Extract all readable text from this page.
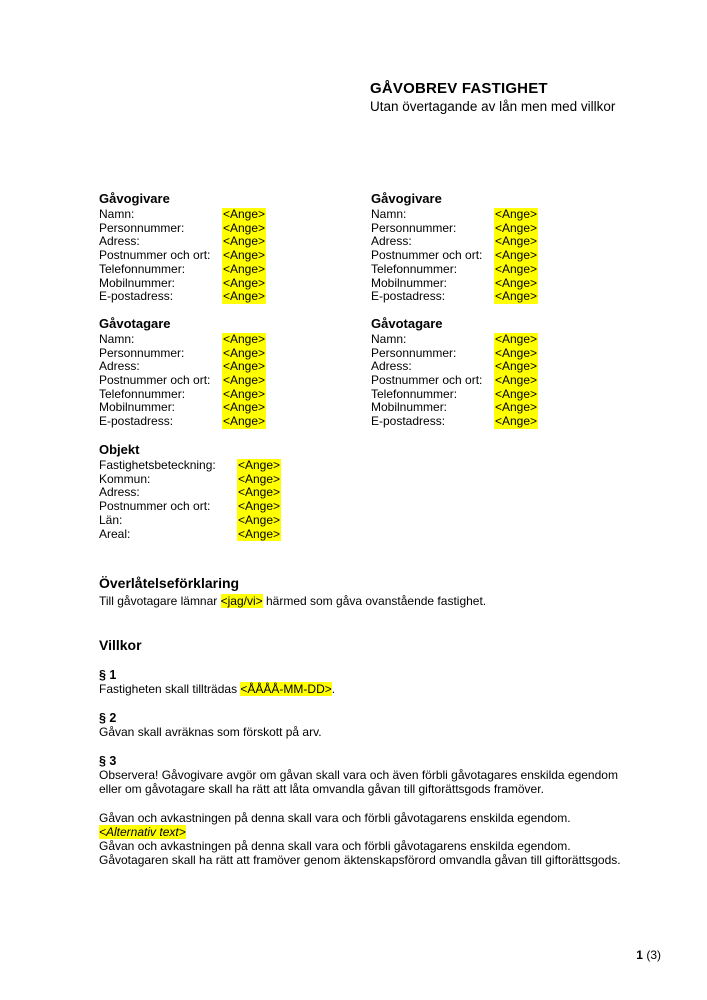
GÅVOBREV FASTIGHET
Utan övertagande av lån men med villkor
Gåvogivare
Namn:	<Ange>
Personnummer:	<Ange>
Adress:	<Ange>
Postnummer och ort:	<Ange>
Telefonnummer:	<Ange>
Mobilnummer:	<Ange>
E-postadress:	<Ange>
Gåvogivare
Namn:	<Ange>
Personnummer:	<Ange>
Adress:	<Ange>
Postnummer och ort:	<Ange>
Telefonnummer:	<Ange>
Mobilnummer:	<Ange>
E-postadress:	<Ange>
Gåvotagare
Namn:	<Ange>
Personnummer:	<Ange>
Adress:	<Ange>
Postnummer och ort:	<Ange>
Telefonnummer:	<Ange>
Mobilnummer:	<Ange>
E-postadress:	<Ange>
Gåvotagare
Namn:	<Ange>
Personnummer:	<Ange>
Adress:	<Ange>
Postnummer och ort:	<Ange>
Telefonnummer:	<Ange>
Mobilnummer:	<Ange>
E-postadress:	<Ange>
Objekt
Fastighetsbeteckning:	<Ange>
Kommun:	<Ange>
Adress:	<Ange>
Postnummer och ort:	<Ange>
Län:	<Ange>
Areal:	<Ange>
Överlåtelseförklaring

Till gåvotagare lämnar <jag/vi> härmed som gåva ovanstående fastighet.

Villkor

§ 1

Fastigheten skall tillträdas <ÅÅÅÅ-MM-DD>.

§ 2

Gåvan skall avräknas som förskott på arv.

§ 3

Observera! Gåvogivare avgör om gåvan skall vara och även förbli gåvotagares enskilda egendom eller om gåvotagare skall ha rätt att låta omvandla gåvan till giftorättsgods framöver.

Gåvan och avkastningen på denna skall vara och förbli gåvotagarens enskilda egendom.

<Alternativ text>

Gåvan och avkastningen på denna skall vara och förbli gåvotagarens enskilda egendom. Gåvotagaren skall ha rätt att framöver genom äktenskapsförord omvandla gåvan till giftorättsgods.

1 (3)
